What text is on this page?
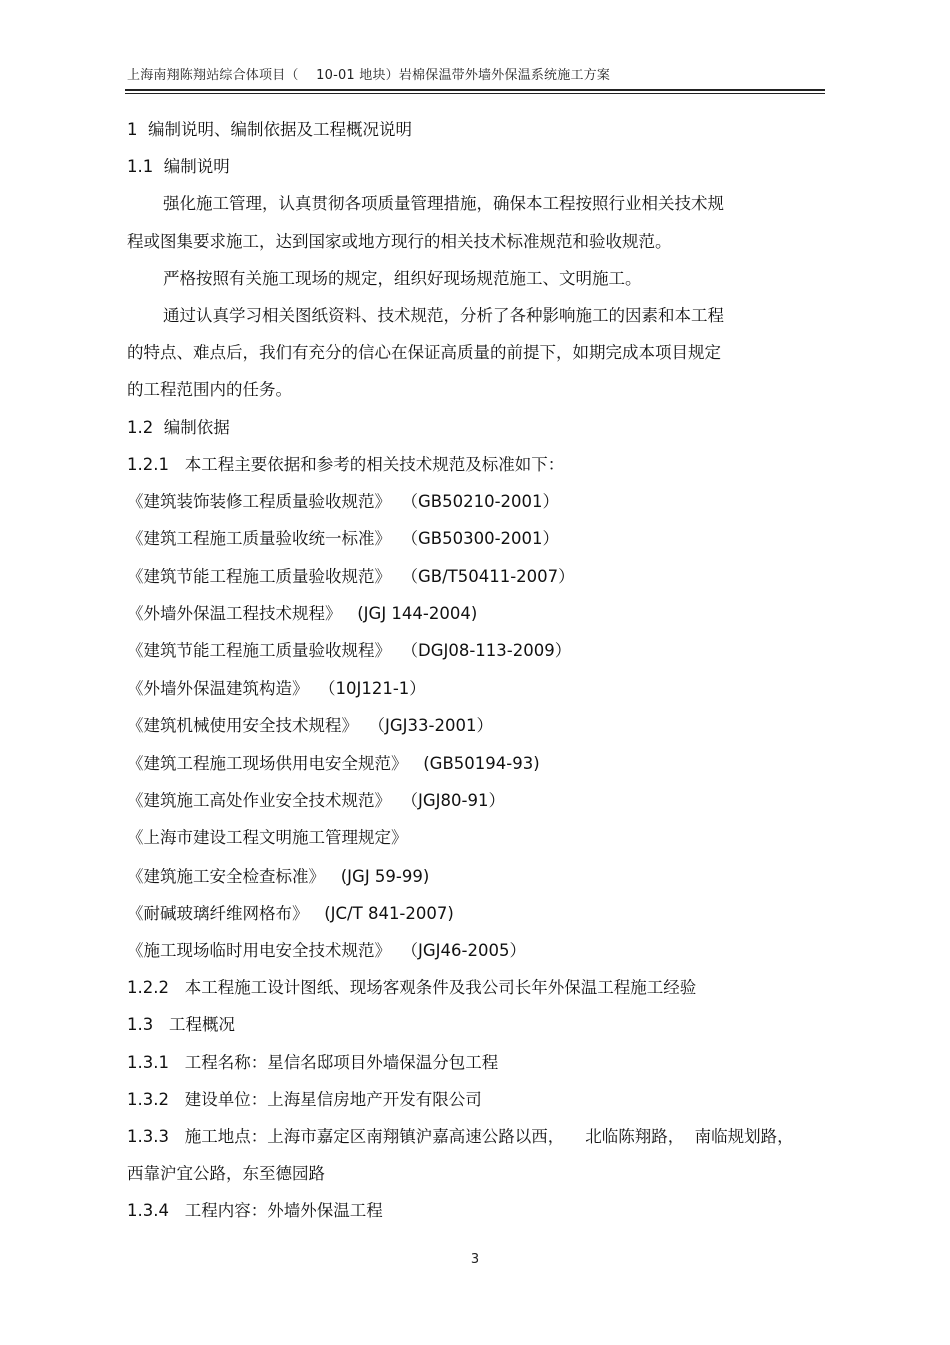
上海南翔陈翔站综合体项目（　 10-01 地块）岩棉保温带外墙外保温系统施工方案
1  编制说明、编制依据及工程概况说明
1.1  编制说明
强化施工管理，认真贯彻各项质量管理措施，确保本工程按照行业相关技术规
程或图集要求施工，达到国家或地方现行的相关技术标准规范和验收规范。
严格按照有关施工现场的规定，组织好现场规范施工、文明施工。
通过认真学习相关图纸资料、技术规范，分析了各种影响施工的因素和本工程
的特点、难点后，我们有充分的信心在保证高质量的前提下，如期完成本项目规定
的工程范围内的任务。
1.2  编制依据
1.2.1   本工程主要依据和参考的相关技术规范及标准如下：
《建筑装饰装修工程质量验收规范》  （GB50210-2001）
《建筑工程施工质量验收统一标准》  （GB50300-2001）
《建筑节能工程施工质量验收规范》  （GB/T50411-2007）
《外墙外保温工程技术规程》   (JGJ 144-2004)
《建筑节能工程施工质量验收规程》  （DGJ08-113-2009）
《外墙外保温建筑构造》  （10J121-1）
《建筑机械使用安全技术规程》  （JGJ33-2001）
《建筑工程施工现场供用电安全规范》   (GB50194-93)
《建筑施工高处作业安全技术规范》  （JGJ80-91）
《上海市建设工程文明施工管理规定》
《建筑施工安全检查标准》   (JGJ 59-99)
《耐碱玻璃纤维网格布》   (JC/T 841-2007)
《施工现场临时用电安全技术规范》  （JGJ46-2005）
1.2.2   本工程施工设计图纸、现场客观条件及我公司长年外保温工程施工经验
1.3   工程概况
1.3.1   工程名称：星信名邸项目外墙保温分包工程
1.3.2   建设单位：上海星信房地产开发有限公司
1.3.3   施工地点：上海市嘉定区南翔镇沪嘉高速公路以西，    北临陈翔路，  南临规划路，
西靠沪宜公路，东至德园路
1.3.4   工程内容：外墙外保温工程
3
